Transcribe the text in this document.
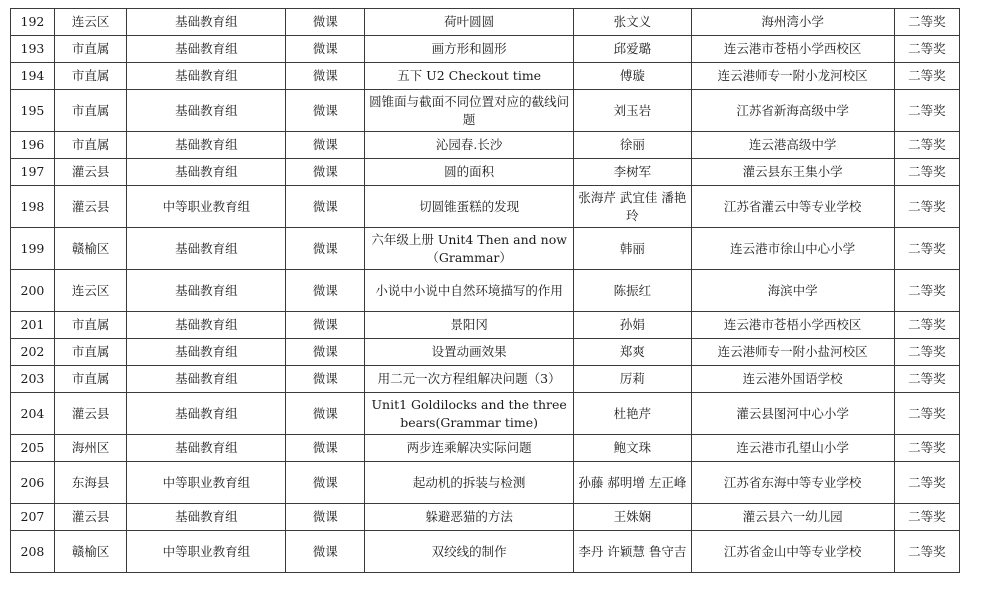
192	连云区	基础教育组	微课	荷叶圆圆	张文义	海州湾小学	二等奖
193	市直属	基础教育组	微课	画方形和圆形	邱爱璐	连云港市苍梧小学西校区	二等奖
194	市直属	基础教育组	微课	五下 U2 Checkout time	傅璇	连云港师专一附小龙河校区	二等奖
195	市直属	基础教育组	微课	圆锥面与截面不同位置对应的截线问题	刘玉岩	江苏省新海高级中学	二等奖
196	市直属	基础教育组	微课	沁园春.长沙	徐丽	连云港高级中学	二等奖
197	灌云县	基础教育组	微课	圆的面积	李树军	灌云县东王集小学	二等奖
198	灌云县	中等职业教育组	微课	切圆锥蛋糕的发现	张海芹 武宜佳 潘艳玲	江苏省灌云中等专业学校	二等奖
199	赣榆区	基础教育组	微课	六年级上册 Unit4 Then and now（Grammar）	韩丽	连云港市徐山中心小学	二等奖
200	连云区	基础教育组	微课	小说中小说中自然环境描写的作用	陈振红	海滨中学	二等奖
201	市直属	基础教育组	微课	景阳冈	孙娟	连云港市苍梧小学西校区	二等奖
202	市直属	基础教育组	微课	设置动画效果	郑爽	连云港师专一附小盐河校区	二等奖
203	市直属	基础教育组	微课	用二元一次方程组解决问题（3）	厉莉	连云港外国语学校	二等奖
204	灌云县	基础教育组	微课	Unit1 Goldilocks and the three bears(Grammar time)	杜艳芹	灌云县图河中心小学	二等奖
205	海州区	基础教育组	微课	两步连乘解决实际问题	鲍文珠	连云港市孔望山小学	二等奖
206	东海县	中等职业教育组	微课	起动机的拆装与检测	孙藤 郝明增 左正峰	江苏省东海中等专业学校	二等奖
207	灌云县	基础教育组	微课	躲避恶猫的方法	王姝娴	灌云县六一幼儿园	二等奖
208	赣榆区	中等职业教育组	微课	双绞线的制作	李丹 许颖慧 鲁守吉	江苏省金山中等专业学校	二等奖
